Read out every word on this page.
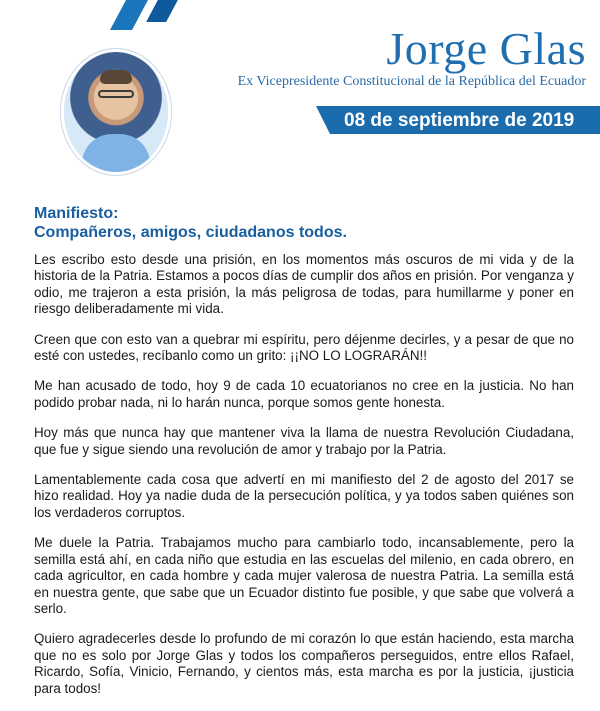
Jorge Glas
Ex Vicepresidente Constitucional de la República del Ecuador
08 de septiembre de 2019
Manifiesto:
Compañeros, amigos, ciudadanos todos.

Les escribo esto desde una prisión, en los momentos más oscuros de mi vida y de la historia de la Patria. Estamos a pocos días de cumplir dos años en prisión. Por venganza y odio, me trajeron a esta prisión, la más peligrosa de todas, para humillarme y poner en riesgo deliberadamente mi vida.

Creen que con esto van a quebrar mi espíritu, pero déjenme decirles, y a pesar de que no esté con ustedes, recíbanlo como un grito: ¡¡NO LO LOGRARÁN!!

Me han acusado de todo, hoy 9 de cada 10 ecuatorianos no cree en la justicia. No han podido probar nada, ni lo harán nunca, porque somos gente honesta.

Hoy más que nunca hay que mantener viva la llama de nuestra Revolución Ciudadana, que fue y sigue siendo una revolución de amor y trabajo por la Patria.

Lamentablemente cada cosa que advertí en mi manifiesto del 2 de agosto del 2017 se hizo realidad. Hoy ya nadie duda de la persecución política, y ya todos saben quiénes son los verdaderos corruptos.

Me duele la Patria. Trabajamos mucho para cambiarlo todo, incansablemente, pero la semilla está ahí, en cada niño que estudia en las escuelas del milenio, en cada obrero, en cada agricultor, en cada hombre y cada mujer valerosa de nuestra Patria. La semilla está en nuestra gente, que sabe que un Ecuador distinto fue posible, y que sabe que volverá a serlo.

Quiero agradecerles desde lo profundo de mi corazón lo que están haciendo, esta marcha que no es solo por Jorge Glas y todos los compañeros perseguidos, entre ellos Rafael, Ricardo, Sofía, Vinicio, Fernando, y cientos más, esta marcha es por la justicia, ¡justicia para todos!
